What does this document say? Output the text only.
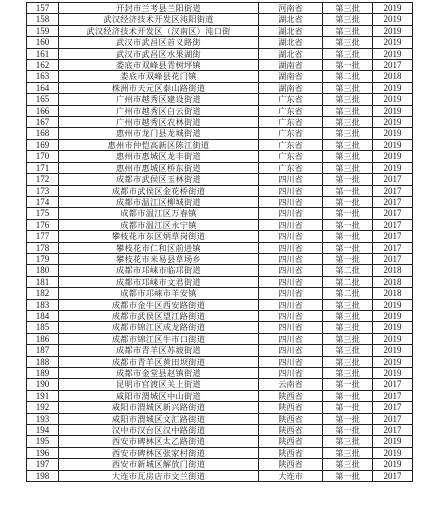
157	开封市兰考县兰阳街道	河南省	第三批	2019
158	武汉经济技术开发区沌阳街道	湖北省	第三批	2019
159	武汉经济技术开发区（汉南区）沌口街	湖北省	第三批	2019
160	武汉市武昌区首义路街	湖北省	第三批	2019
161	武汉市武昌区水果湖街	湖北省	第三批	2019
162	娄底市双峰县青树坪镇	湖南省	第一批	2017
163	娄底市双峰县花门镇	湖南省	第二批	2018
164	株洲市天元区泰山路街道	湖南省	第三批	2019
165	广州市越秀区建设街道	广东省	第三批	2019
166	广州市越秀区白云街道	广东省	第三批	2019
167	广州市越秀区农林街道	广东省	第三批	2019
168	惠州市龙门县龙城街道	广东省	第三批	2019
169	惠州市仲恺高新区陈江街道	广东省	第三批	2019
170	惠州市惠城区龙丰街道	广东省	第三批	2019
171	惠州市惠城区桥东街道	广东省	第三批	2019
172	成都市武侯区玉林街道	四川省	第一批	2017
173	成都市武侯区金花桥街道	四川省	第一批	2017
174	成都市温江区柳城街道	四川省	第一批	2017
175	成都市温江区万春镇	四川省	第一批	2017
176	成都市温江区永宁镇	四川省	第一批	2017
177	攀枝花市东区炳草岗街道	四川省	第一批	2017
178	攀枝花市仁和区前进镇	四川省	第一批	2017
179	攀枝花市米易县草场乡	四川省	第一批	2017
180	成都市邛崃市临邛街道	四川省	第二批	2018
181	成都市邛崃市文君街道	四川省	第二批	2018
182	成都市邛崃市羊安镇	四川省	第二批	2018
183	成都市金牛区西安路街道	四川省	第三批	2019
184	成都市武侯区望江路街道	四川省	第三批	2019
185	成都市锦江区成龙路街道	四川省	第三批	2019
186	成都市锦江区牛市口街道	四川省	第三批	2019
187	成都市青羊区苏坡街道	四川省	第三批	2019
188	成都市青羊区黄田坝街道	四川省	第三批	2019
189	成都市金堂县赵镇街道	四川省	第三批	2019
190	昆明市官渡区关上街道	云南省	第一批	2017
191	咸阳市渭城区中山街道	陕西省	第一批	2017
192	咸阳市渭城区新兴路街道	陕西省	第一批	2017
193	咸阳市渭城区文汇路街道	陕西省	第一批	2017
194	汉中市汉台区汉中路街道	陕西省	第一批	2017
195	西安市碑林区太乙路街道	陕西省	第三批	2019
196	西安市碑林区张家村街道	陕西省	第三批	2019
197	西安市新城区解放门街道	陕西省	第三批	2019
198	大连市瓦房店市文兰街道	大连市	第一批	2017
